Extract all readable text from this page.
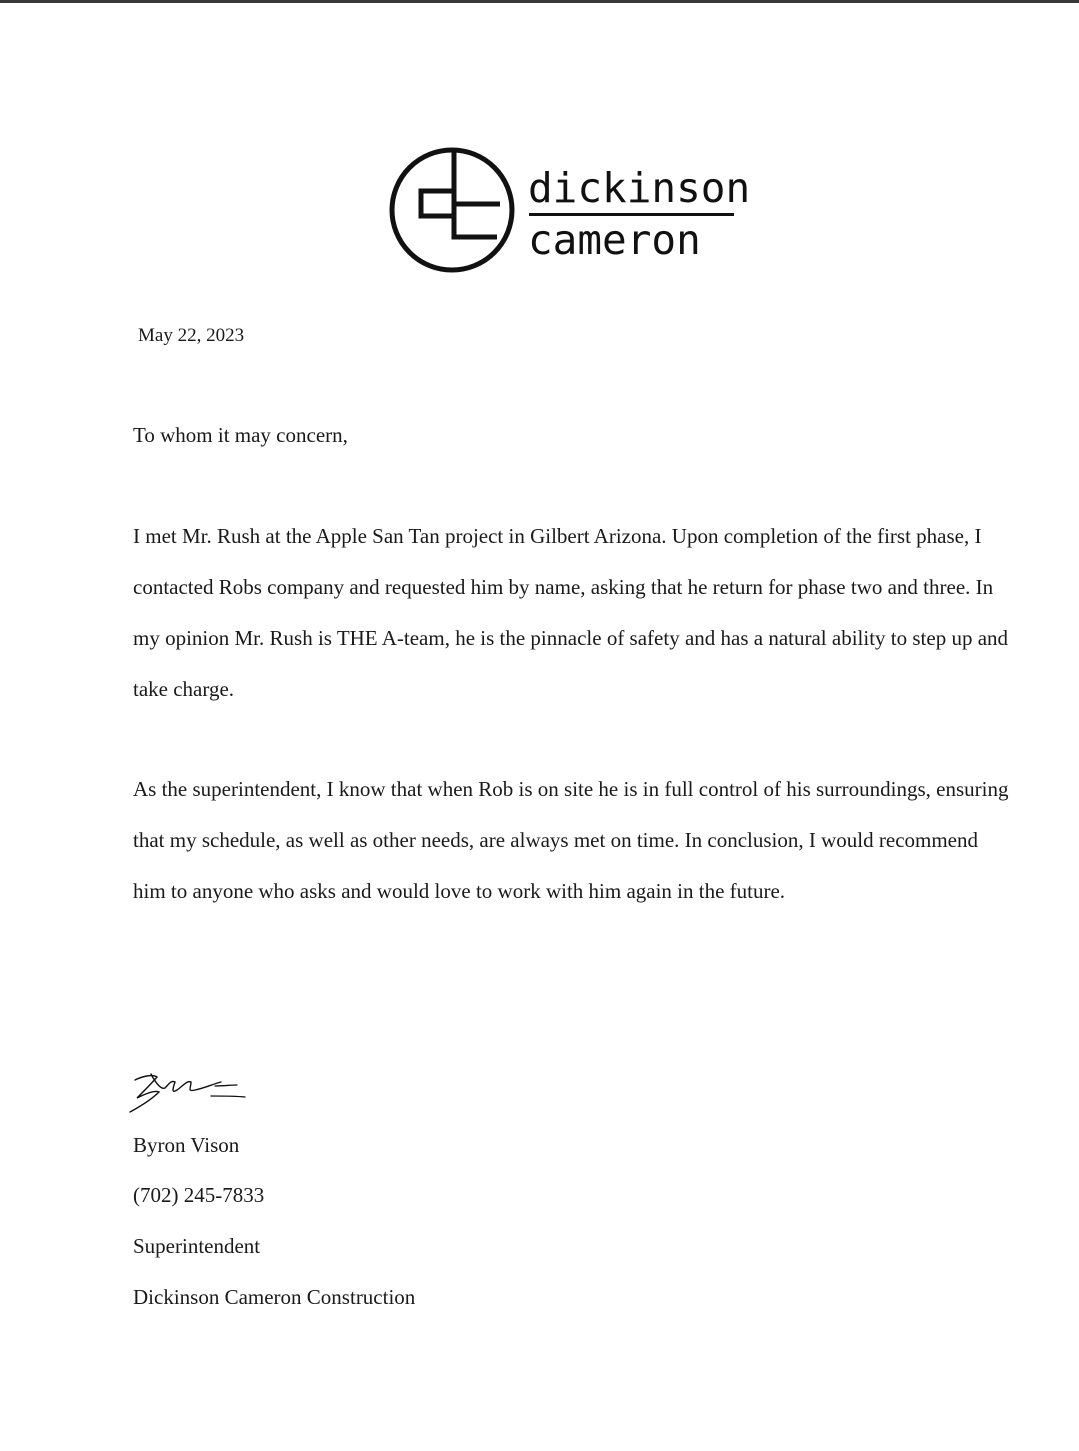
dickinson
cameron
May 22, 2023
To whom it may concern,

I met Mr. Rush at the Apple San Tan project in Gilbert Arizona. Upon completion of the first phase, I contacted Robs company and requested him by name, asking that he return for phase two and three. In my opinion Mr. Rush is THE A-team, he is the pinnacle of safety and has a natural ability to step up and take charge.

As the superintendent, I know that when Rob is on site he is in full control of his surroundings, ensuring that my schedule, as well as other needs, are always met on time. In conclusion, I would recommend him to anyone who asks and would love to work with him again in the future.

Byron Vison
(702) 245-7833
Superintendent
Dickinson Cameron Construction
